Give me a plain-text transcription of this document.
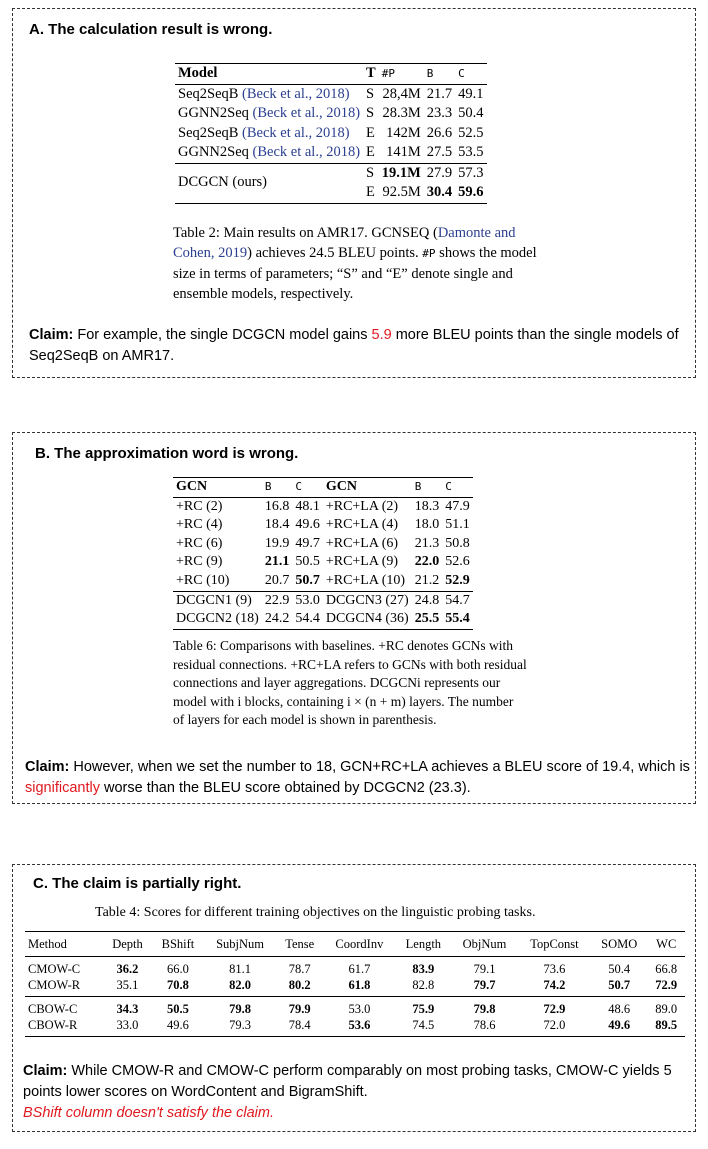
A. The calculation result is wrong.
Model	T	#P	B	C
Seq2SeqB (Beck et al., 2018)	S	28,4M	21.7	49.1
GGNN2Seq (Beck et al., 2018)	S	28.3M	23.3	50.4
Seq2SeqB (Beck et al., 2018)	E	142M	26.6	52.5
GGNN2Seq (Beck et al., 2018)	E	141M	27.5	53.5
DCGCN (ours)	S	19.1M	27.9	57.3
	E	92.5M	30.4	59.6
Table 2: Main results on AMR17. GCNSEQ (Damonte and Cohen, 2019) achieves 24.5 BLEU points. #P shows the model size in terms of parameters; “S” and “E” denote single and ensemble models, respectively.
Claim: For example, the single DCGCN model gains 5.9 more BLEU points than the single models of Seq2SeqB on AMR17.
B. The approximation word is wrong.
GCN	B	C	GCN	B	C
+RC (2)	16.8	48.1	+RC+LA (2)	18.3	47.9
+RC (4)	18.4	49.6	+RC+LA (4)	18.0	51.1
+RC (6)	19.9	49.7	+RC+LA (6)	21.3	50.8
+RC (9)	21.1	50.5	+RC+LA (9)	22.0	52.6
+RC (10)	20.7	50.7	+RC+LA (10)	21.2	52.9
DCGCN1 (9)	22.9	53.0	DCGCN3 (27)	24.8	54.7
DCGCN2 (18)	24.2	54.4	DCGCN4 (36)	25.5	55.4
Table 6: Comparisons with baselines. +RC denotes GCNs with residual connections. +RC+LA refers to GCNs with both residual connections and layer aggregations. DCGCNi represents our model with i blocks, containing i × (n + m) layers. The number of layers for each model is shown in parenthesis.
Claim: However, when we set the number to 18, GCN+RC+LA achieves a BLEU score of 19.4, which is significantly worse than the BLEU score obtained by DCGCN2 (23.3).
C. The claim is partially right.
Table 4: Scores for different training objectives on the linguistic probing tasks.
Method	Depth	BShift	SubjNum	Tense	CoordInv	Length	ObjNum	TopConst	SOMO	WC
CMOW-C	36.2	66.0	81.1	78.7	61.7	83.9	79.1	73.6	50.4	66.8
CMOW-R	35.1	70.8	82.0	80.2	61.8	82.8	79.7	74.2	50.7	72.9
CBOW-C	34.3	50.5	79.8	79.9	53.0	75.9	79.8	72.9	48.6	89.0
CBOW-R	33.0	49.6	79.3	78.4	53.6	74.5	78.6	72.0	49.6	89.5
Claim: While CMOW-R and CMOW-C perform comparably on most probing tasks, CMOW-C yields 5 points lower scores on WordContent and BigramShift.
BShift column doesn't satisfy the claim.
